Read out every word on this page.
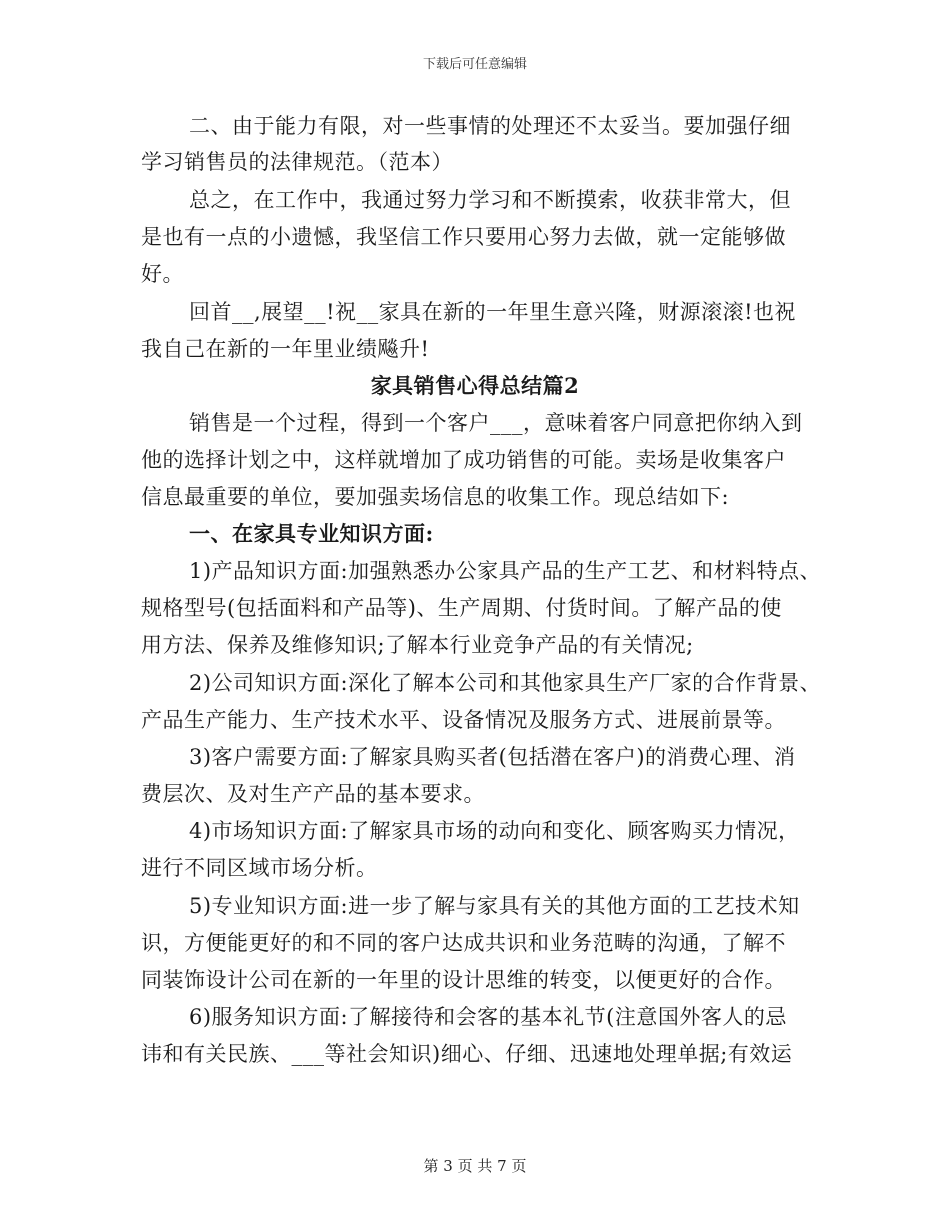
下载后可任意编辑
二、由于能力有限，对一些事情的处理还不太妥当。要加强仔细
学习销售员的法律规范。（范本）
总之，在工作中，我通过努力学习和不断摸索，收获非常大，但
是也有一点的小遗憾，我坚信工作只要用心努力去做，就一定能够做
好。
回首__,展望__!祝__家具在新的一年里生意兴隆，财源滚滚!也祝
我自己在新的一年里业绩飚升!
家具销售心得总结篇2
销售是一个过程，得到一个客户___，意味着客户同意把你纳入到
他的选择计划之中，这样就增加了成功销售的可能。卖场是收集客户
信息最重要的单位，要加强卖场信息的收集工作。现总结如下:
一、在家具专业知识方面:
1)产品知识方面:加强熟悉办公家具产品的生产工艺、和材料特点、
规格型号(包括面料和产品等)、生产周期、付货时间。了解产品的使
用方法、保养及维修知识;了解本行业竞争产品的有关情况;
2)公司知识方面:深化了解本公司和其他家具生产厂家的合作背景、
产品生产能力、生产技术水平、设备情况及服务方式、进展前景等。
3)客户需要方面:了解家具购买者(包括潜在客户)的消费心理、消
费层次、及对生产产品的基本要求。
4)市场知识方面:了解家具市场的动向和变化、顾客购买力情况，
进行不同区域市场分析。
5)专业知识方面:进一步了解与家具有关的其他方面的工艺技术知
识，方便能更好的和不同的客户达成共识和业务范畴的沟通，了解不
同装饰设计公司在新的一年里的设计思维的转变，以便更好的合作。
6)服务知识方面:了解接待和会客的基本礼节(注意国外客人的忌
讳和有关民族、___等社会知识)细心、仔细、迅速地处理单据;有效运
第 3 页 共 7 页
